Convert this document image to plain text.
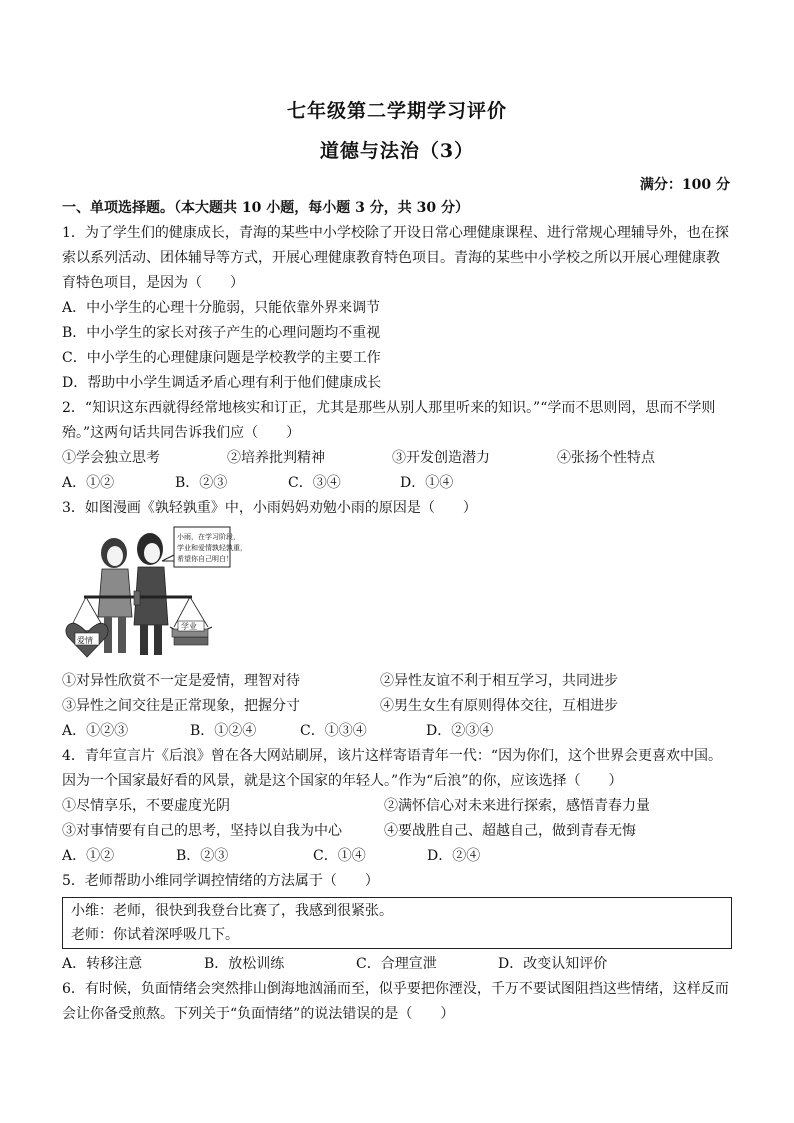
七年级第二学期学习评价
道德与法治（3）
满分：100 分
一、单项选择题。（本大题共 10 小题，每小题 3 分，共 30 分）
1．为了学生们的健康成长，青海的某些中小学校除了开设日常心理健康课程、进行常规心理辅导外，也在探索以系列活动、团体辅导等方式，开展心理健康教育特色项目。青海的某些中小学校之所以开展心理健康教育特色项目，是因为（　　）
A．中小学生的心理十分脆弱，只能依靠外界来调节
B．中小学生的家长对孩子产生的心理问题均不重视
C．中小学生的心理健康问题是学校教学的主要工作
D．帮助中小学生调适矛盾心理有利于他们健康成长
2．“知识这东西就得经常地核实和订正，尤其是那些从别人那里听来的知识。”“学而不思则罔，思而不学则殆。”这两句话共同告诉我们应（　　）
①学会独立思考	②培养批判精神	③开发创造潜力	④张扬个性特点
A．①②	B．②③	C．③④	D．①④
3．如图漫画《孰轻孰重》中，小雨妈妈劝勉小雨的原因是（　　）
小雨，在学习阶段，
学业和爱情孰轻孰重，
希望你自己明白！
爱情
学业
①对异性欣赏不一定是爱情，理智对待	②异性友谊不利于相互学习，共同进步
③异性之间交往是正常现象，把握分寸	④男生女生有原则得体交往，互相进步
A．①②③	B．①②④	C．①③④	D．②③④
4．青年宣言片《后浪》曾在各大网站刷屏，该片这样寄语青年一代：“因为你们，这个世界会更喜欢中国。因为一个国家最好看的风景，就是这个国家的年轻人。”作为“后浪”的你，应该选择（　　）
①尽情享乐，不要虚度光阴	②满怀信心对未来进行探索，感悟青春力量
③对事情要有自己的思考，坚持以自我为中心	④要战胜自己、超越自己，做到青春无悔
A．①②	B．②③	C．①④	D．②④
5．老师帮助小维同学调控情绪的方法属于（　　）
小维：老师，很快到我登台比赛了，我感到很紧张。
老师：你试着深呼吸几下。
A．转移注意	B．放松训练	C．合理宣泄	D．改变认知评价
6．有时候，负面情绪会突然排山倒海地汹涌而至，似乎要把你湮没，千万不要试图阻挡这些情绪，这样反而会让你备受煎熬。下列关于“负面情绪”的说法错误的是（　　）
